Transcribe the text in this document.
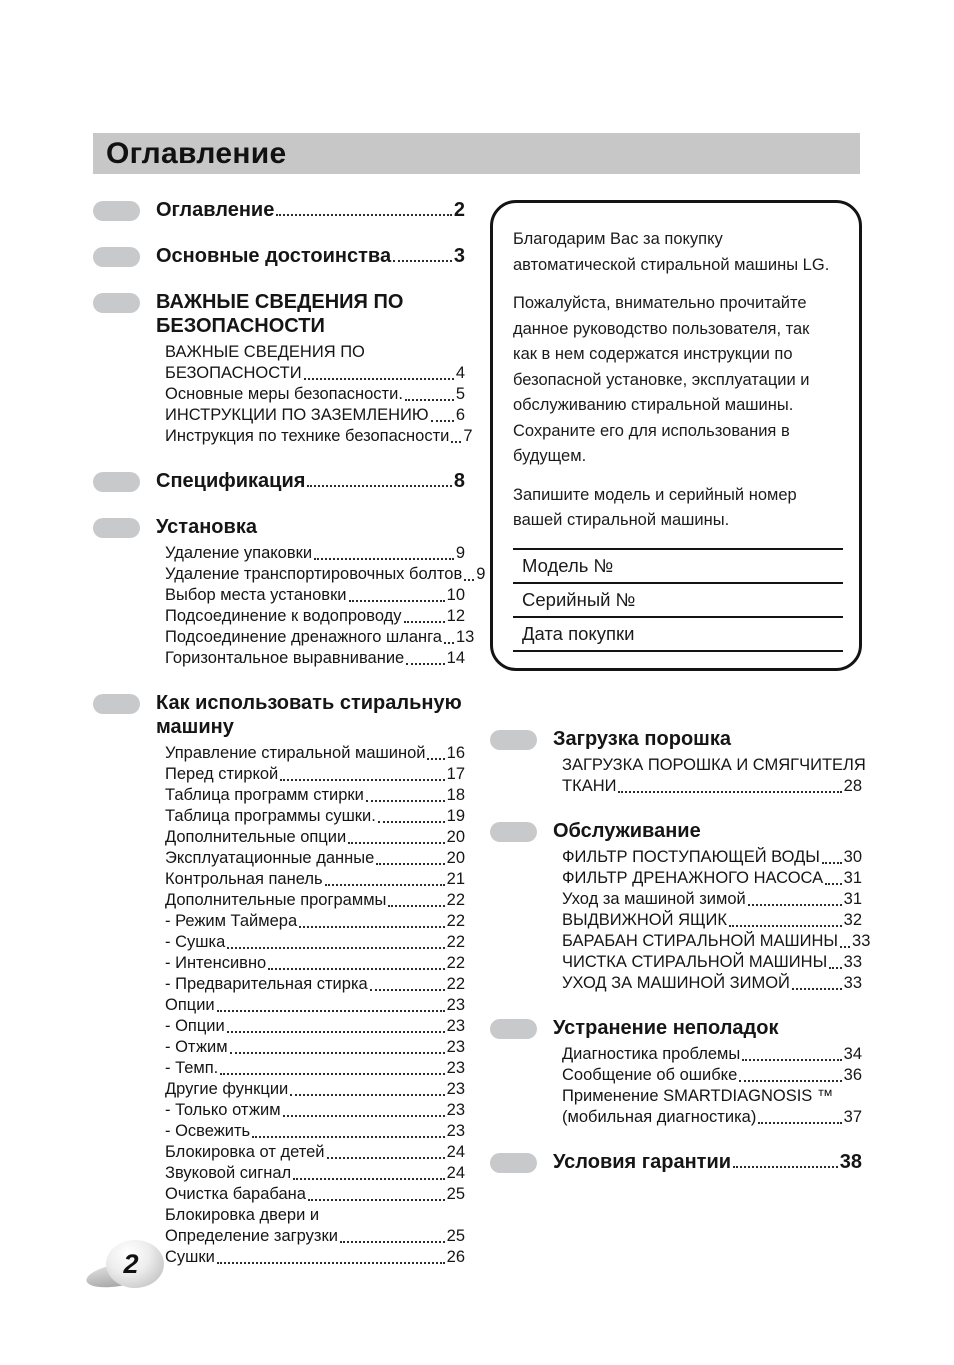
Оглавление
Оглавление	2
Основные достоинства	3
ВАЖНЫЕ СВЕДЕНИЯ ПО
БЕЗОПАСНОСТИ
ВАЖНЫЕ СВЕДЕНИЯ ПО
БЕЗОПАСНОСТИ	4
Основные меры безопасности.	5
ИНСТРУКЦИИ ПО ЗАЗЕМЛЕНИЮ 6
Инструкция по технике безопасности 7
Спецификация	8
Установка
Удаление упаковки	9
Удаление транспортировочных болтов 9
Выбор места установки	10
Подсоединение к водопроводу	12
Подсоединение дренажного шланга 13
Горизонтальное выравнивание	14
Как использовать стиральную
машину
Управление стиральной машиной 16
Перед стиркой	17
Таблица программ стирки	18
Таблица программы сушки.	19
Дополнительные опции	20
Эксплуатационные данные	20
Контрольная панель	21
Дополнительные программы	22
- Режим Таймера	22
- Сушка	22
- Интенсивно	22
- Предварительная стирка	22
Опции	23
- Опции	23
- Отжим	23
- Темп.	23
Другие функции	23
- Только отжим	23
- Освежить	23
Блокировка от детей	24
Звуковой сигнал	24
Очистка барабана	25
Блокировка двери и
Определение загрузки	25
Сушки	26
Благодарим Вас за покупку
автоматической стиральной машины LG.
Пожалуйста, внимательно прочитайте
данное руководство пользователя, так
как в нем содержатся инструкции по
безопасной установке, эксплуатации и
обслуживанию стиральной машины.
Сохраните его для использования в
будущем.
Запишите модель и серийный номер
вашей стиральной машины.
Модель №
Серийный №
Дата покупки
Загрузка порошка
ЗАГРУЗКА ПОРОШКА И СМЯГЧИТЕЛЯ
ТКАНИ	28
Обслуживание
ФИЛЬТР ПОСТУПАЮЩЕЙ ВОДЫ 30
ФИЛЬТР ДРЕНАЖНОГО НАСОСА 31
Уход за машиной зимой	31
ВЫДВИЖНОЙ ЯЩИК	32
БАРАБАН СТИРАЛЬНОЙ МАШИНЫ 33
ЧИСТКА СТИРАЛЬНОЙ МАШИНЫ 33
УХОД ЗА МАШИНОЙ ЗИМОЙ	33
Устранение неполадок
Диагностика проблемы	34
Сообщение об ошибке	36
Применение SMARTDIAGNOSIS ™
(мобильная диагностика)	37
Условия гарантии	38
2
